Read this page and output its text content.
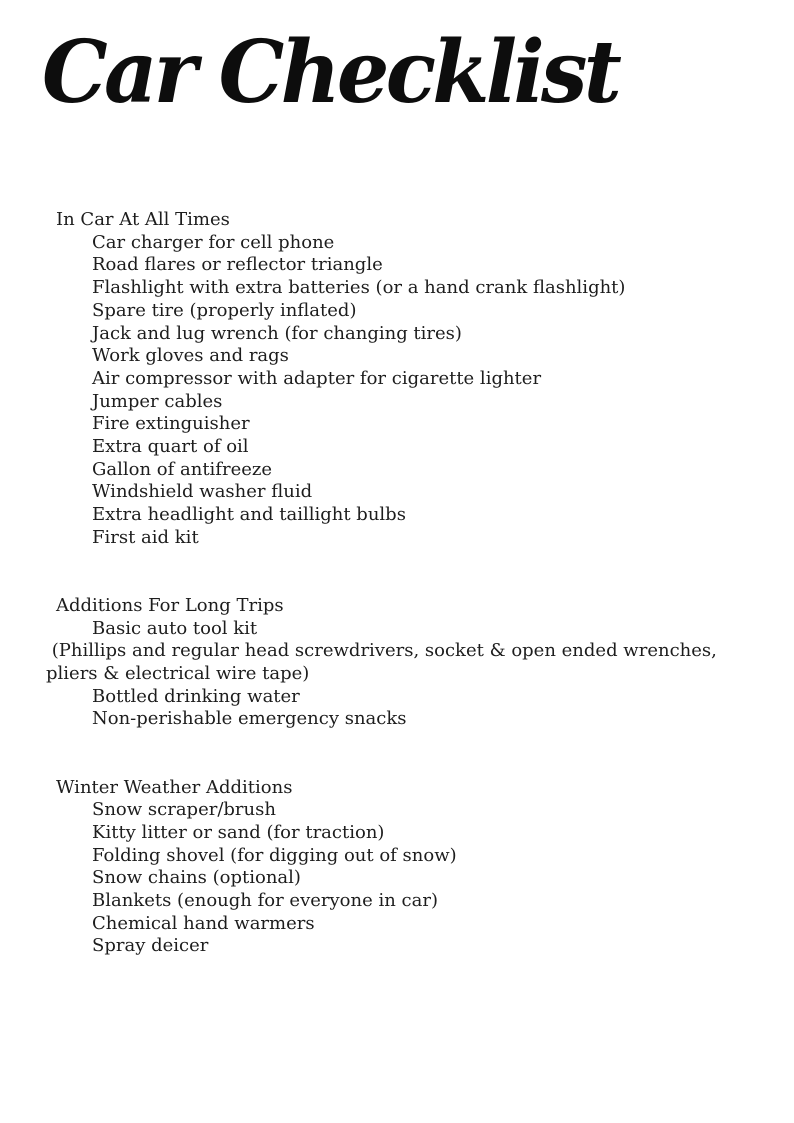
Car Checklist
In Car At All Times
Car charger for cell phone
Road flares or reflector triangle
Flashlight with extra batteries (or a hand crank flashlight)
Spare tire (properly inflated)
Jack and lug wrench (for changing tires)
Work gloves and rags
Air compressor with adapter for cigarette lighter
Jumper cables
Fire extinguisher
Extra quart of oil
Gallon of antifreeze
Windshield washer fluid
Extra headlight and taillight bulbs
First aid kit
Additions For Long Trips
Basic auto tool kit
(Phillips and regular head screwdrivers, socket & open ended wrenches,
pliers & electrical wire tape)
Bottled drinking water
Non-perishable emergency snacks
Winter Weather Additions
Snow scraper/brush
Kitty litter or sand (for traction)
Folding shovel (for digging out of snow)
Snow chains (optional)
Blankets (enough for everyone in car)
Chemical hand warmers
Spray deicer
